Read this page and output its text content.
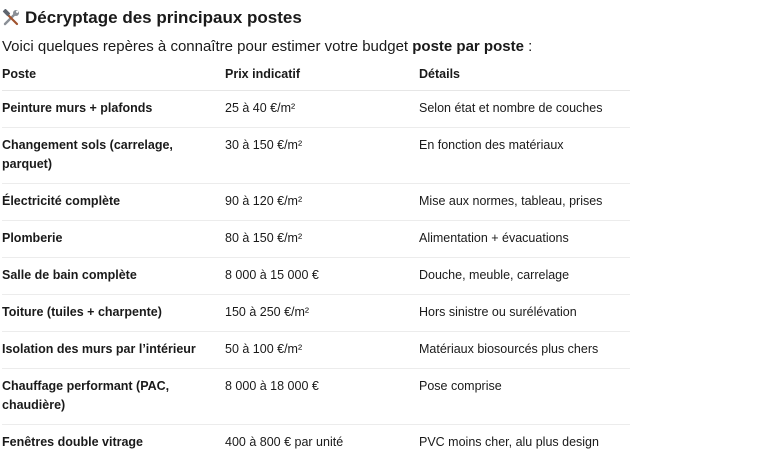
Décryptage des principaux postes
Voici quelques repères à connaître pour estimer votre budget poste par poste :
Poste	Prix indicatif	Détails
Peinture murs + plafonds	25 à 40 €/m²	Selon état et nombre de couches
Changement sols (carrelage, parquet)	30 à 150 €/m²	En fonction des matériaux
Électricité complète	90 à 120 €/m²	Mise aux normes, tableau, prises
Plomberie	80 à 150 €/m²	Alimentation + évacuations
Salle de bain complète	8 000 à 15 000 €	Douche, meuble, carrelage
Toiture (tuiles + charpente)	150 à 250 €/m²	Hors sinistre ou surélévation
Isolation des murs par l’intérieur	50 à 100 €/m²	Matériaux biosourcés plus chers
Chauffage performant (PAC, chaudière)	8 000 à 18 000 €	Pose comprise
Fenêtres double vitrage	400 à 800 € par unité	PVC moins cher, alu plus design
